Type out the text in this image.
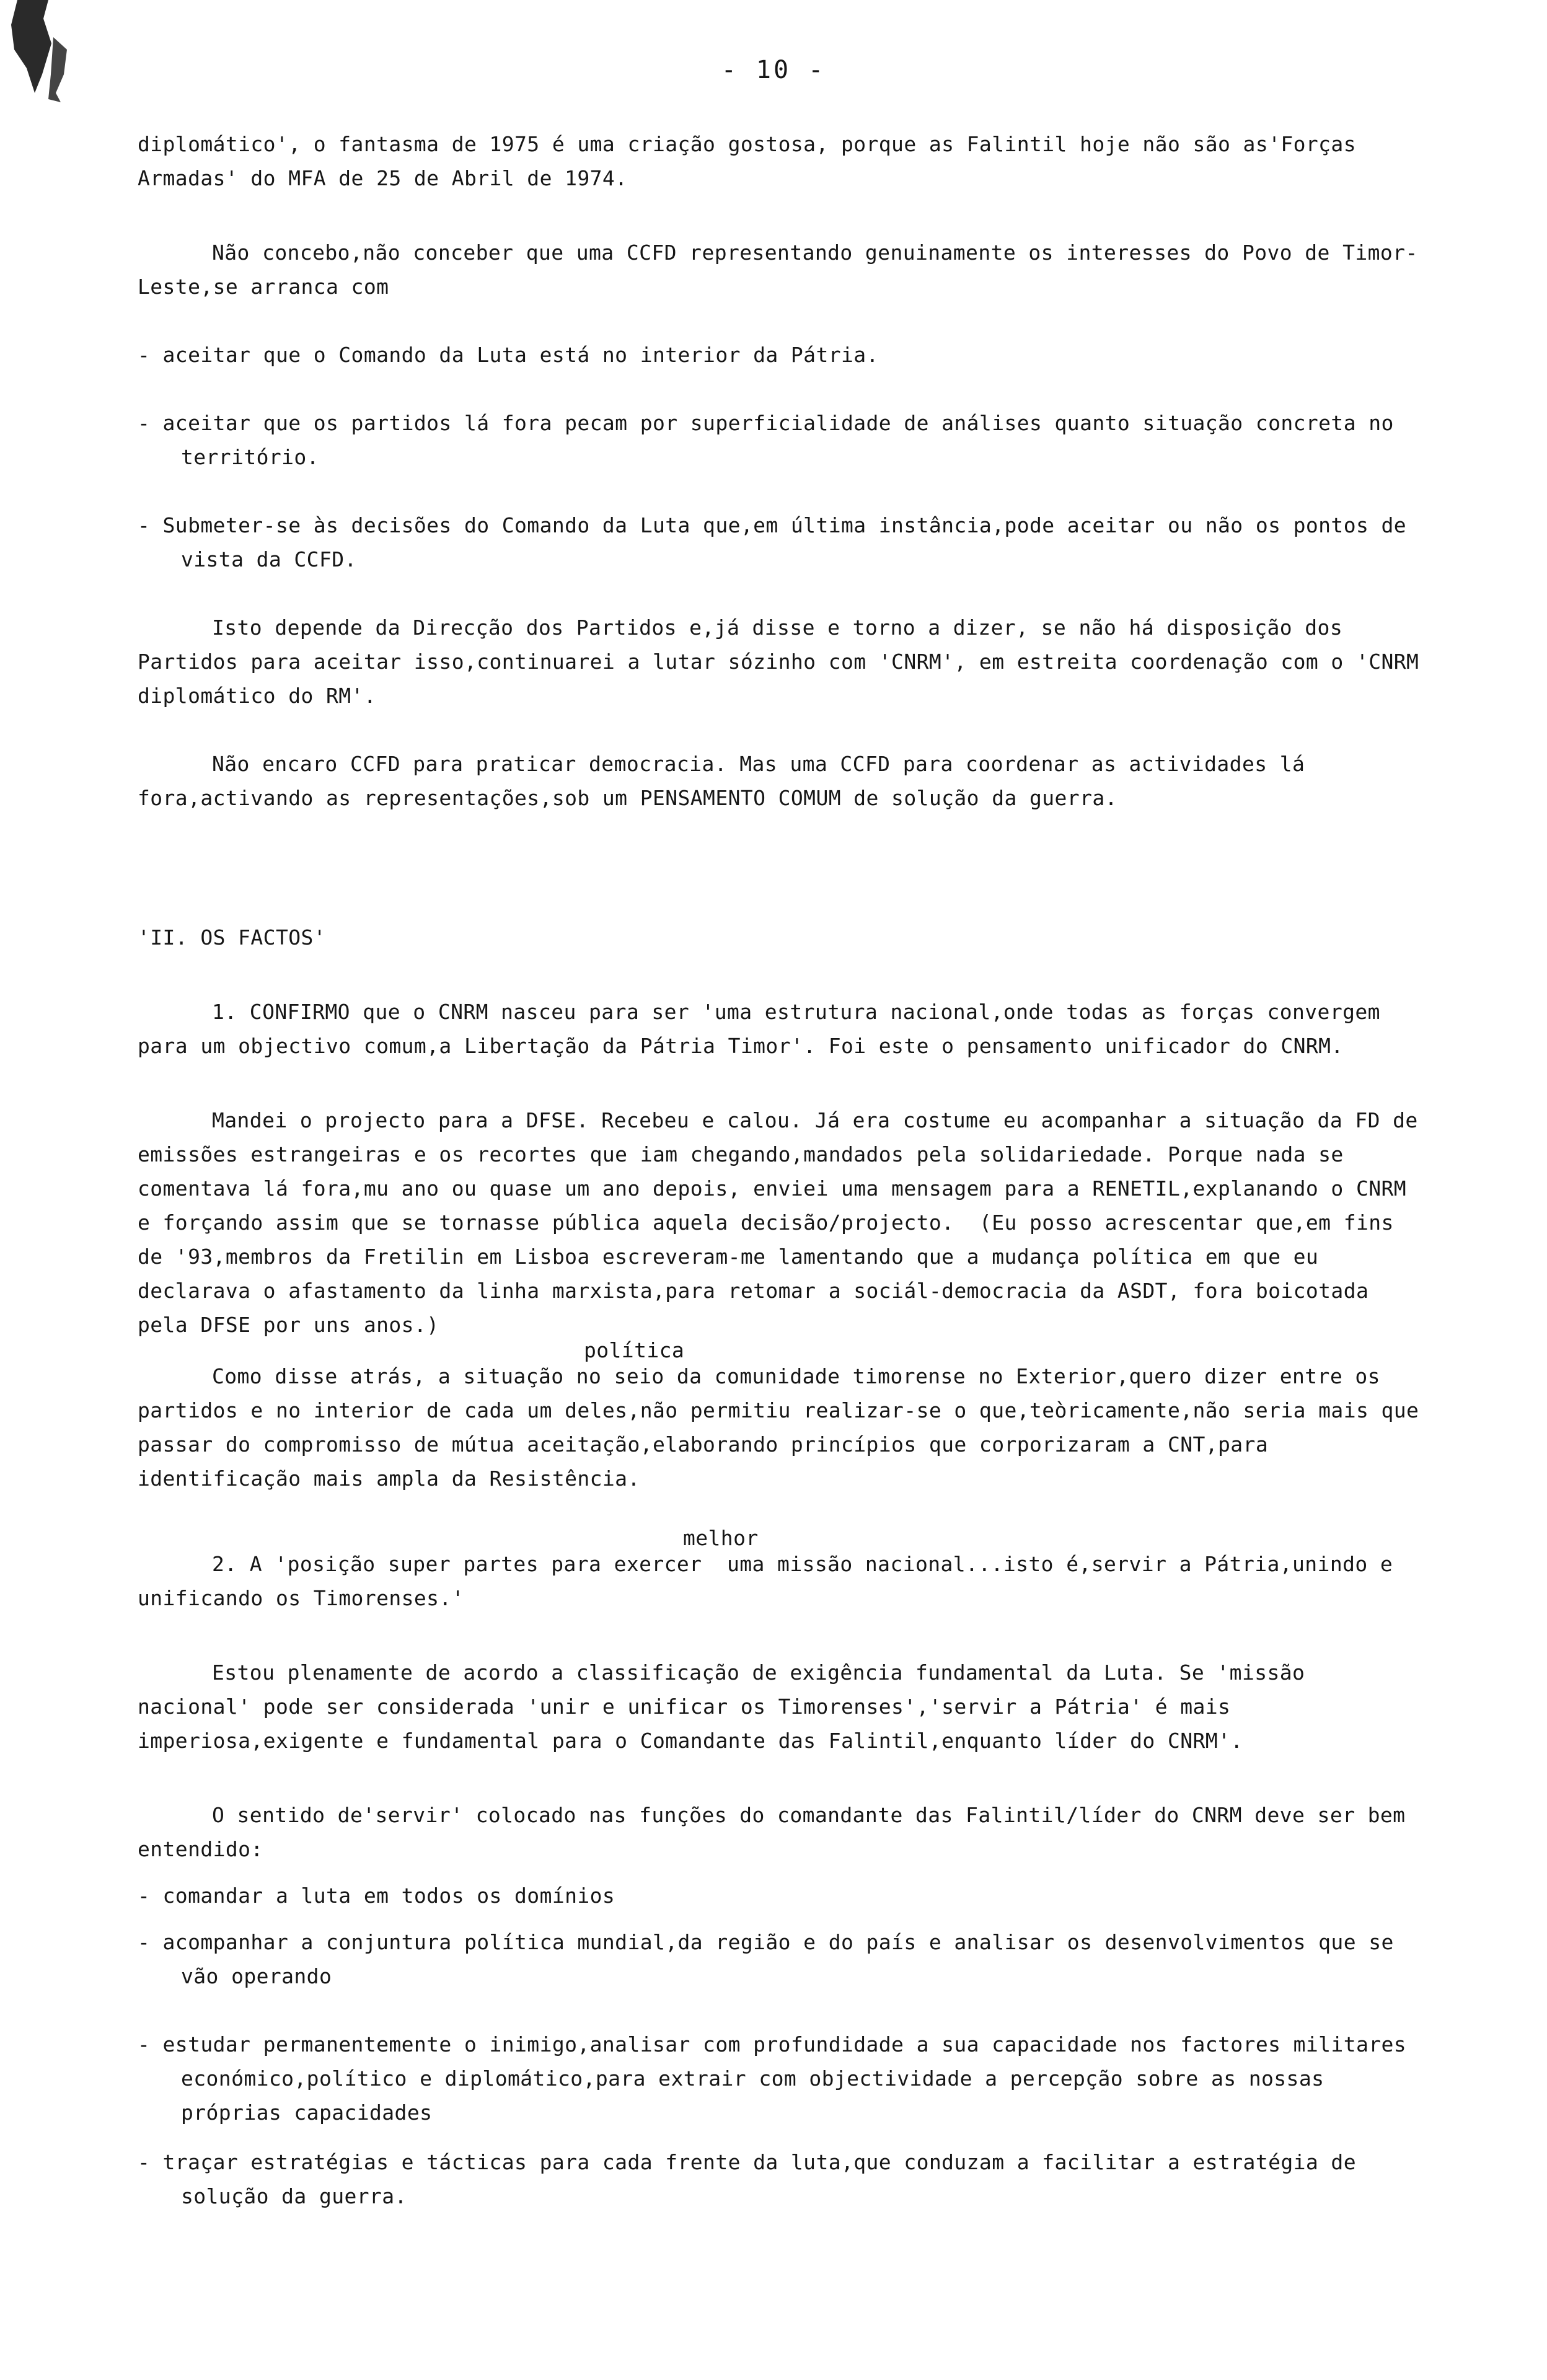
- 10 -

diplomático', o fantasma de 1975 é uma criação gostosa, porque as Falintil hoje não são as'Forças Armadas' do MFA de 25 de Abril de 1974.

Não concebo,não conceber que uma CCFD representando genuinamente os interesses do Povo de Timor-Leste,se arranca com

- aceitar que o Comando da Luta está no interior da Pátria.

- aceitar que os partidos lá fora pecam por superficialidade de análises quanto situação concreta no território.

- Submeter-se às decisões do Comando da Luta que,em última instância,pode aceitar ou não os pontos de vista da CCFD.

Isto depende da Direcção dos Partidos e,já disse e torno a dizer, se não há disposição dos Partidos para aceitar isso,continuarei a lutar sózinho com 'CNRM', em estreita coordenação com o 'CNRM diplomático do RM'.

Não encaro CCFD para praticar democracia. Mas uma CCFD para coordenar as actividades lá fora,activando as representações,sob um PENSAMENTO COMUM de solução da guerra.

'II. OS FACTOS'

1. CONFIRMO que o CNRM nasceu para ser 'uma estrutura nacional,onde todas as forças convergem para um objectivo comum,a Libertação da Pátria Timor'. Foi este o pensamento unificador do CNRM.

Mandei o projecto para a DFSE. Recebeu e calou. Já era costume eu acompanhar a situação da FD de emissões estrangeiras e os recortes que iam chegando,mandados pela solidariedade. Porque nada se comentava lá fora,mu ano ou quase um ano depois, enviei uma mensagem para a RENETIL,explanando o CNRM e forçando assim que se tornasse pública aquela decisão/projecto.  (Eu posso acrescentar que,em fins de '93,membros da Fretilin em Lisboa escreveram-me lamentando que a mudança política em que eu declarava o afastamento da linha marxista,para retomar a sociál-democracia da ASDT, fora boicotada pela DFSE por uns anos.)

política

Como disse atrás, a situação no seio da comunidade timorense no Exterior,quero dizer entre os partidos e no interior de cada um deles,não permitiu realizar-se o que,teòricamente,não seria mais que passar do compromisso de mútua aceitação,elaborando princípios que corporizaram a CNT,para identificação mais ampla da Resistência.

melhor

2. A 'posição super partes para exercer  uma missão nacional...isto é,servir a Pátria,unindo e unificando os Timorenses.'

Estou plenamente de acordo a classificação de exigência fundamental da Luta. Se 'missão nacional' pode ser considerada 'unir e unificar os Timorenses','servir a Pátria' é mais imperiosa,exigente e fundamental para o Comandante das Falintil,enquanto líder do CNRM'.

O sentido de'servir' colocado nas funções do comandante das Falintil/líder do CNRM deve ser bem entendido:

- comandar a luta em todos os domínios

- acompanhar a conjuntura política mundial,da região e do país e analisar os desenvolvimentos que se vão operando

- estudar permanentemente o inimigo,analisar com profundidade a sua capacidade nos factores militares económico,político e diplomático,para extrair com objectividade a percepção sobre as nossas próprias capacidades

- traçar estratégias e tácticas para cada frente da luta,que conduzam a facilitar a estratégia de solução da guerra.
